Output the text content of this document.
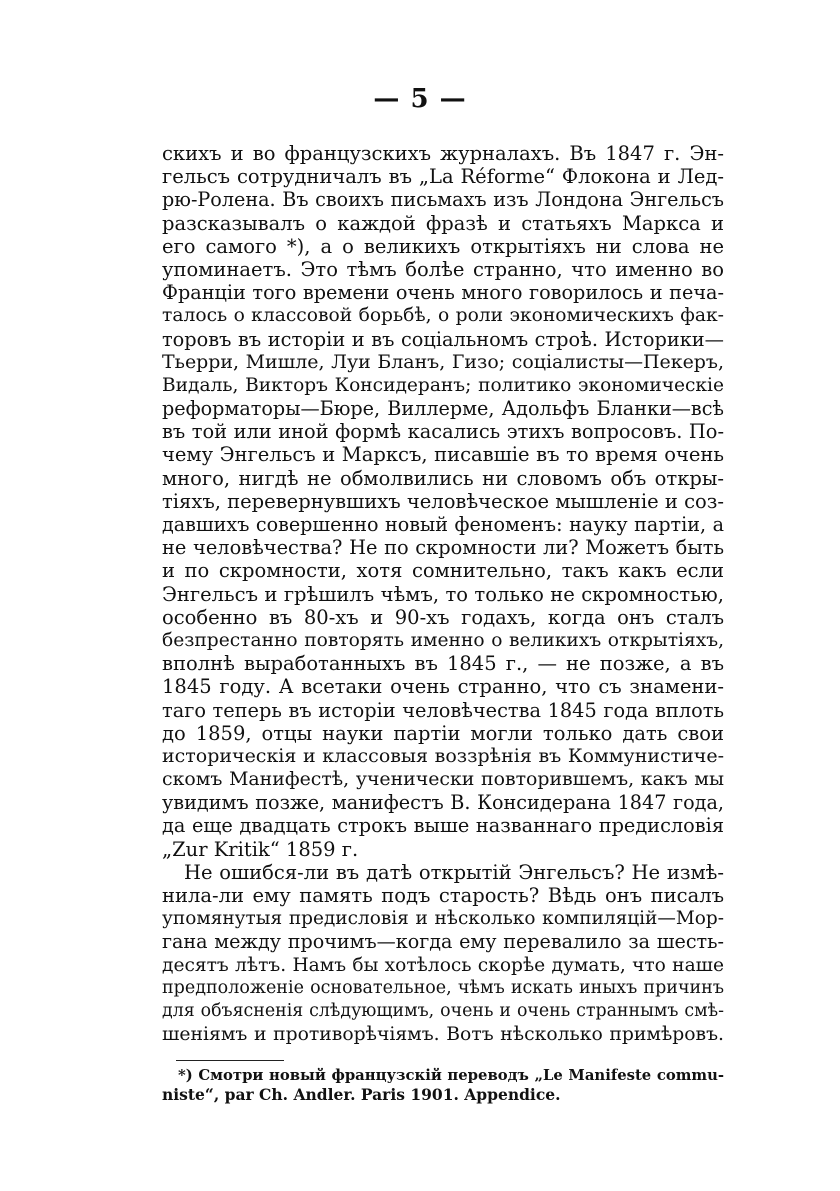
— 5 —
скихъ и во французскихъ журналахъ. Въ 1847 г. Эн-
гельсъ сотрудничалъ въ „La Réforme“ Флокона и Лед-
рю-Ролена. Въ своихъ письмахъ изъ Лондона Энгельсъ
разсказывалъ о каждой фразѣ и статьяхъ Маркса и
его самого *), а о великихъ открытіяхъ ни слова не
упоминаетъ. Это тѣмъ болѣе странно, что именно во
Франціи того времени очень много говорилось и печа-
талось о классовой борьбѣ, о роли экономическихъ фак-
торовъ въ исторіи и въ соціальномъ строѣ. Историки—
Тьерри, Мишле, Луи Бланъ, Гизо; соціалисты—Пекеръ,
Видаль, Викторъ Консидеранъ; политико экономическіе
реформаторы—Бюре, Виллерме, Адольфъ Бланки—всѣ
въ той или иной формѣ касались этихъ вопросовъ. По-
чему Энгельсъ и Марксъ, писавшіе въ то время очень
много, нигдѣ не обмолвились ни словомъ объ откры-
тіяхъ, перевернувшихъ человѣческое мышленіе и соз-
давшихъ совершенно новый феноменъ: науку партіи, а
не человѣчества? Не по скромности ли? Можетъ быть
и по скромности, хотя сомнительно, такъ какъ если
Энгельсъ и грѣшилъ чѣмъ, то только не скромностью,
особенно въ 80-хъ и 90-хъ годахъ, когда онъ сталъ
безпрестанно повторять именно о великихъ открытіяхъ,
вполнѣ выработанныхъ въ 1845 г., — не позже, а въ
1845 году. А всетаки очень странно, что съ знамени-
таго теперь въ исторіи человѣчества 1845 года вплоть
до 1859, отцы науки партіи могли только дать свои
историческія и классовыя воззрѣнія въ Коммунистиче-
скомъ Манифестѣ, ученически повторившемъ, какъ мы
увидимъ позже, манифестъ В. Консидерана 1847 года,
да еще двадцать строкъ выше названнаго предисловія
„Zur Kritik“ 1859 г.
Не ошибся-ли въ датѣ открытій Энгельсъ? Не измѣ-
нила-ли ему память подъ старость? Вѣдь онъ писалъ
упомянутыя предисловія и нѣсколько компиляцій—Мор-
гана между прочимъ—когда ему перевалило за шесть-
десятъ лѣтъ. Намъ бы хотѣлось скорѣе думать, что наше
предположеніе основательное, чѣмъ искать иныхъ причинъ
для объясненія слѣдующимъ, очень и очень страннымъ смѣ-
шеніямъ и противорѣчіямъ. Вотъ нѣсколько примѣровъ.
*) Смотри новый французскій переводъ „Le Manifeste commu-
niste“, par Ch. Andler. Paris 1901. Appendice.
